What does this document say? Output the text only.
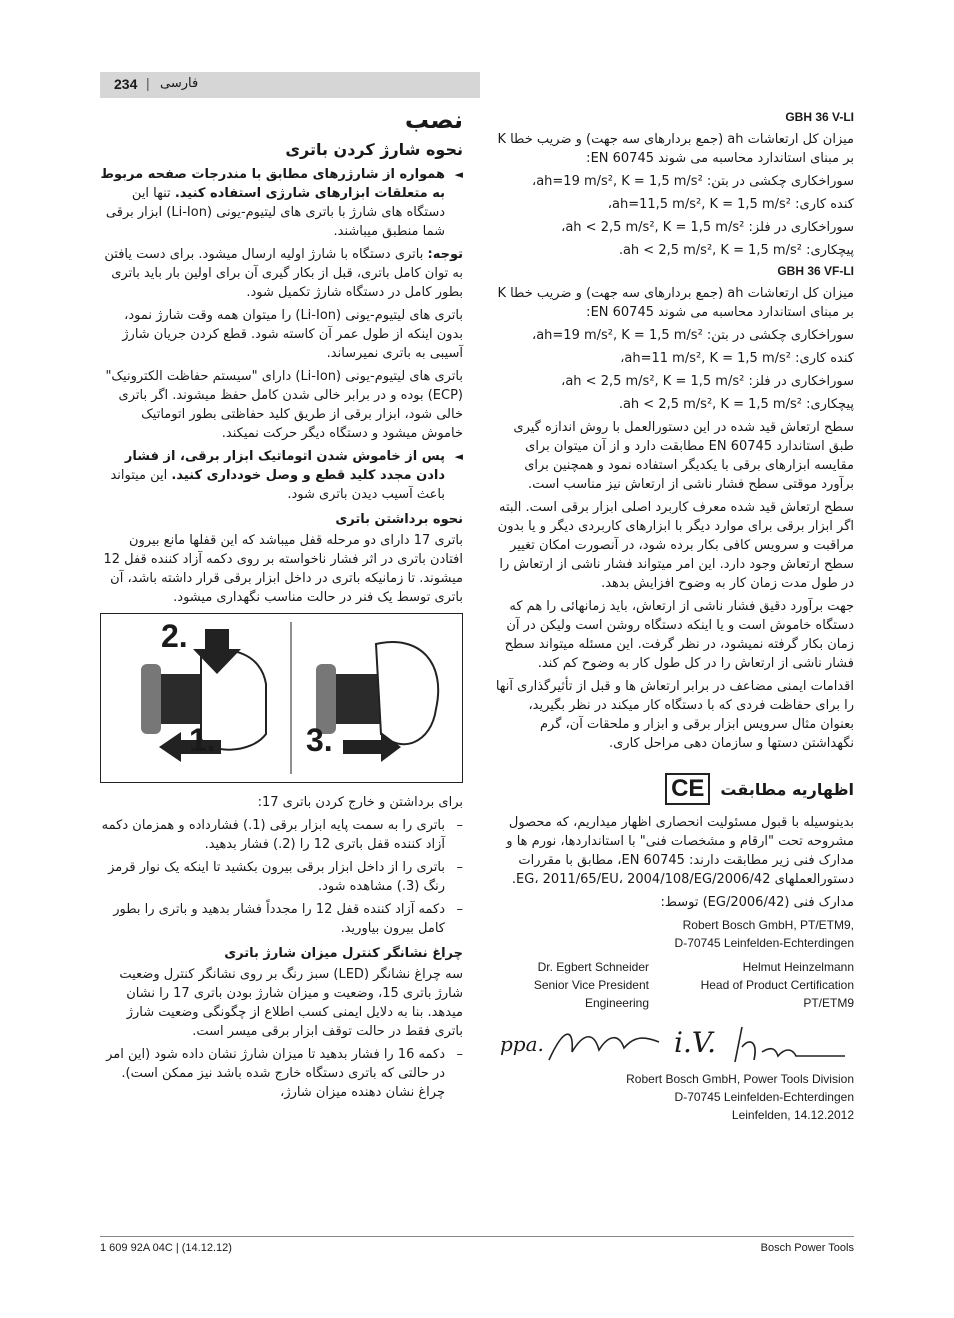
234 | فارسی
نصب
نحوه شارژ کردن باتری
◄
همواره از شارژرهای مطابق با مندرجات صفحه مربوط به متعلقات ابزارهای شارژی استفاده کنید. تنها این دستگاه های شارژ با باتری های لیتیوم-یونی (Li-Ion) ابزار برقی شما منطبق میباشند.

توجه: باتری دستگاه با شارژ اولیه ارسال میشود. برای دست یافتن به توان کامل باتری، قبل از بکار گیری آن برای اولین بار باید باتری بطور کامل در دستگاه شارژ تکمیل شود.

باتری های لیتیوم-یونی (Li-Ion) را میتوان همه وقت شارژ نمود، بدون اینکه از طول عمر آن کاسته شود. قطع کردن جریان شارژ آسیبی به باتری نمیرساند.

باتری های لیتیوم-یونی (Li-Ion) دارای "سیستم حفاظت الکترونیک" (ECP) بوده و در برابر خالی شدن کامل حفظ میشوند. اگر باتری خالی شود، ابزار برقی از طریق کلید حفاظتی بطور اتوماتیک خاموش میشود و دستگاه دیگر حرکت نمیکند.

◄
پس از خاموش شدن اتوماتیک ابزار برقی، از فشار دادن مجدد کلید قطع و وصل خودداری کنید. این میتواند باعث آسیب دیدن باتری شود.
نحوه برداشتن باتری

باتری 17 دارای دو مرحله قفل میباشد که این قفلها مانع بیرون افتادن باتری در اثر فشار ناخواسته بر روی دکمه آزاد کننده قفل 12 میشوند. تا زمانیکه باتری در داخل ابزار برقی قرار داشته باشد، آن باتری توسط یک فنر در حالت مناسب نگهداری میشود.

1.
2.
3.

برای برداشتن و خارج کردن باتری 17:

–
باتری را به سمت پایه ابزار برقی (1.) فشارداده و همزمان دکمه آزاد کننده قفل باتری 12 را (2.) فشار بدهید.
–
باتری را از داخل ابزار برقی بیرون بکشید تا اینکه یک نوار قرمز رنگ (3.) مشاهده شود.
–
دکمه آزاد کننده قفل 12 را مجدداً فشار بدهید و باتری را بطور کامل بیرون بیاورید.
چراغ نشانگر کنترل میزان شارژ باتری

سه چراغ نشانگر (LED) سبز رنگ بر روی نشانگر کنترل وضعیت شارژ باتری 15، وضعیت و میزان شارژ بودن باتری 17 را نشان میدهد. بنا به دلایل ایمنی کسب اطلاع از چگونگی وضعیت شارژ باتری فقط در حالت توقف ابزار برقی میسر است.

–
دکمه 16 را فشار بدهید تا میزان شارژ نشان داده شود (این امر در حالتی که باتری دستگاه خارج شده باشد نیز ممکن است). چراغ نشان دهنده میزان شارژ،
GBH 36 V-LI

میزان کل ارتعاشات ah (جمع بردارهای سه جهت) و ضریب خطا K بر مبنای استاندارد محاسبه می شوند EN 60745:

سوراخکاری چکشی در بتن: ah=19 m/s², K = 1,5 m/s²،

کنده کاری: ah=11,5 m/s², K = 1,5 m/s²،

سوراخکاری در فلز: ah < 2,5 m/s², K = 1,5 m/s²،

پیچکاری: ah < 2,5 m/s², K = 1,5 m/s².

GBH 36 VF-LI

میزان کل ارتعاشات ah (جمع بردارهای سه جهت) و ضریب خطا K بر مبنای استاندارد محاسبه می شوند EN 60745:

سوراخکاری چکشی در بتن: ah=19 m/s², K = 1,5 m/s²،

کنده کاری: ah=11 m/s², K = 1,5 m/s²،

سوراخکاری در فلز: ah < 2,5 m/s², K = 1,5 m/s²،

پیچکاری: ah < 2,5 m/s², K = 1,5 m/s².

سطح ارتعاش قید شده در این دستورالعمل با روش اندازه گیری طبق استاندارد EN 60745 مطابقت دارد و از آن میتوان برای مقایسه ابزارهای برقی با یکدیگر استفاده نمود و همچنین برای برآورد موقتی سطح فشار ناشی از ارتعاش نیز مناسب است.

سطح ارتعاش قید شده معرف کاربرد اصلی ابزار برقی است. البته اگر ابزار برقی برای موارد دیگر با ابزارهای کاربردی دیگر و یا بدون مراقبت و سرویس کافی بکار برده شود، در آنصورت امکان تغییر سطح ارتعاش وجود دارد. این امر میتواند فشار ناشی از ارتعاش را در طول مدت زمان کار به وضوح افزایش بدهد.

جهت برآورد دقیق فشار ناشی از ارتعاش، باید زمانهائی را هم که دستگاه خاموش است و یا اینکه دستگاه روشن است ولیکن در آن زمان بکار گرفته نمیشود، در نظر گرفت. این مسئله میتواند سطح فشار ناشی از ارتعاش را در کل طول کار به وضوح کم کند.

اقدامات ایمنی مضاعف در برابر ارتعاش ها و قبل از تأثیرگذاری آنها را برای حفاظت فردی که با دستگاه کار میکند در نظر بگیرید، بعنوان مثال سرویس ابزار برقی و ابزار و ملحقات آن، گرم نگهداشتن دستها و سازمان دهی مراحل کاری.

اظهاریه مطابقت
CE

بدینوسیله با قبول مسئولیت انحصاری اظهار میداریم، که محصول مشروحه تحت "ارقام و مشخصات فنی" با استانداردها، نورم ها و مدارک فنی زیر مطابقت دارند: EN 60745، مطابق با مقررات دستورالعملهای 2006/42/EG، 2011/65/EU، 2004/108/EG.

مدارک فنی (2006/42/EG) توسط:

Robert Bosch GmbH, PT/ETM9,

D-70745 Leinfelden-Echterdingen

Dr. Egbert Schneider
Senior Vice President
Engineering
Helmut Heinzelmann
Head of Product Certification
PT/ETM9
ppa.	i.V.

Robert Bosch GmbH, Power Tools Division

D-70745 Leinfelden-Echterdingen

Leinfelden, 14.12.2012

1 609 92A 04C | (14.12.12)	Bosch Power Tools
